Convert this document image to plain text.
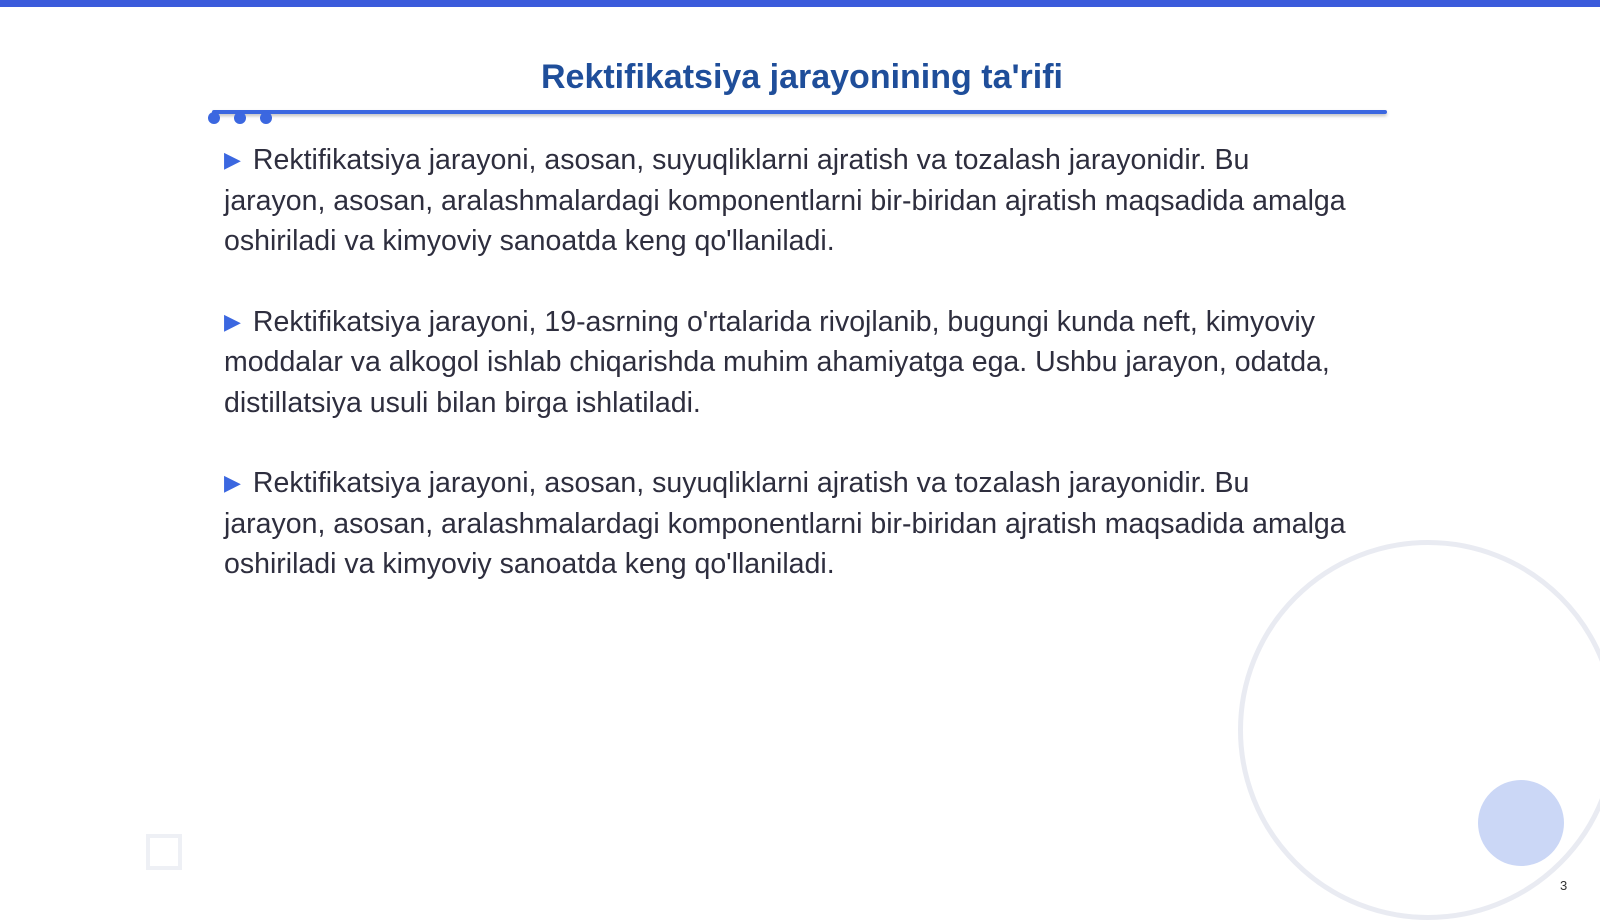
Rektifikatsiya jarayonining ta'rifi

▶ Rektifikatsiya jarayoni, asosan, suyuqliklarni ajratish va tozalash jarayonidir. Bu jarayon, asosan, aralashmalardagi komponentlarni bir-biridan ajratish maqsadida amalga oshiriladi va kimyoviy sanoatda keng qo'llaniladi.

▶ Rektifikatsiya jarayoni, 19-asrning o'rtalarida rivojlanib, bugungi kunda neft, kimyoviy moddalar va alkogol ishlab chiqarishda muhim ahamiyatga ega. Ushbu jarayon, odatda, distillatsiya usuli bilan birga ishlatiladi.

▶ Rektifikatsiya jarayoni, asosan, suyuqliklarni ajratish va tozalash jarayonidir. Bu jarayon, asosan, aralashmalardagi komponentlarni bir-biridan ajratish maqsadida amalga oshiriladi va kimyoviy sanoatda keng qo'llaniladi.

3
